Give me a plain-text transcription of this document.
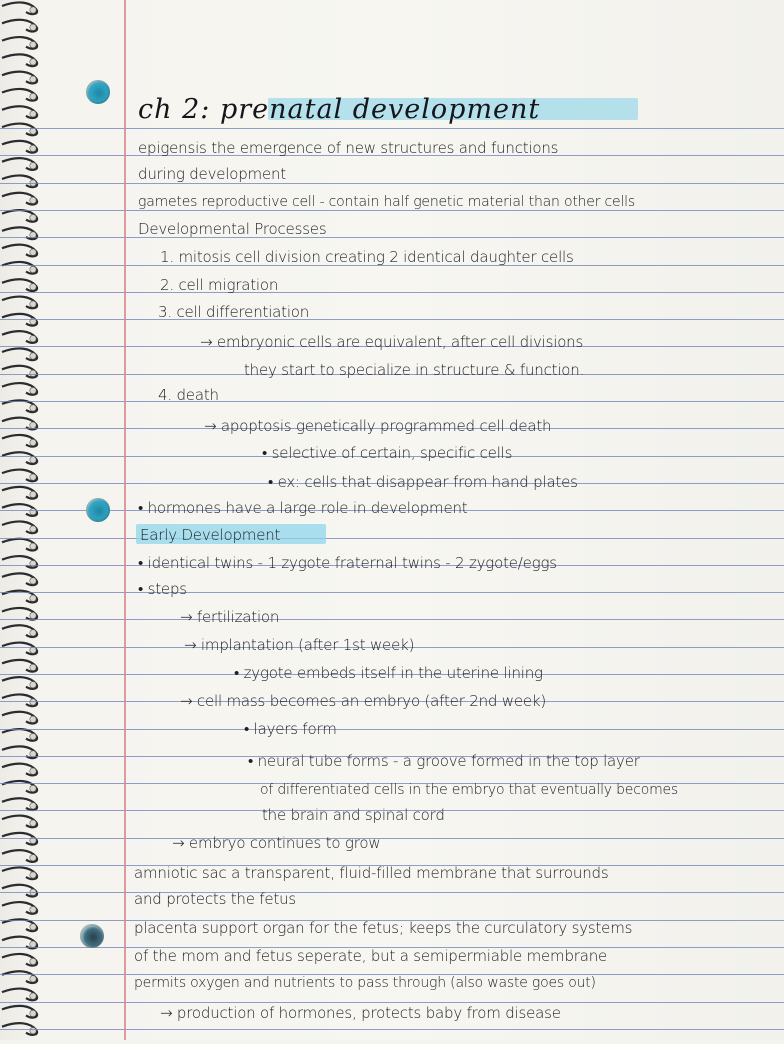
ch 2: prenatal development
epigensis the emergence of new structures and functions
during development
gametes reproductive cell - contain half genetic material than other cells
Developmental Processes
1. mitosis cell division creating 2 identical daughter cells
2. cell migration
3. cell differentiation
→ embryonic cells are equivalent, after cell divisions
they start to specialize in structure & function.
4. death
→ apoptosis genetically programmed cell death
• selective of certain, specific cells
• ex: cells that disappear from hand plates
• hormones have a large role in development
Early Development
• identical twins - 1 zygote fraternal twins - 2 zygote/eggs
• steps
→ fertilization
→ implantation (after 1st week)
• zygote embeds itself in the uterine lining
→ cell mass becomes an embryo (after 2nd week)
• layers form
• neural tube forms - a groove formed in the top layer
of differentiated cells in the embryo that eventually becomes
the brain and spinal cord
→ embryo continues to grow
amniotic sac a transparent, fluid-filled membrane that surrounds
and protects the fetus
placenta support organ for the fetus; keeps the curculatory systems
of the mom and fetus seperate, but a semipermiable membrane
permits oxygen and nutrients to pass through (also waste goes out)
→ production of hormones, protects baby from disease
